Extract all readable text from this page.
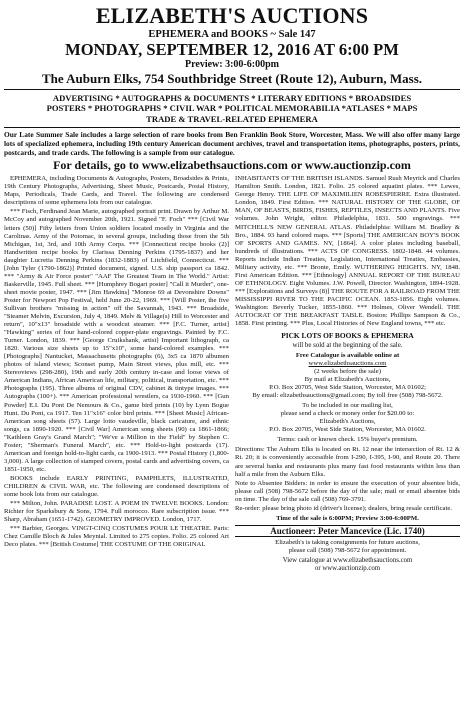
ELIZABETH'S AUCTIONS
EPHEMERA and BOOKS ~ Sale 147
MONDAY, SEPTEMBER 12, 2016 AT 6:00 PM
Preview: 3:00-6:00pm
The Auburn Elks, 754 Southbridge Street (Route 12), Auburn, Mass.
ADVERTISING * AUTOGRAPHS & DOCUMENTS * LITERARY EDITIONS * BROADSIDES
POSTERS * PHOTOGRAPHS * CIVIL WAR * POLITICAL MEMORABILIA *ATLASES * MAPS
TRADE & TRAVEL-RELATED EPHEMERA
Our Late Summer Sale includes a large selection of rare books from Ben Franklin Book Store, Worcester, Mass. We will also offer many large lots of specialized ephemera, including 19th century American document archives, travel and transportation items, photographs, posters, prints, postcards, and trade cards. The following is a sample from our catalogue.
For details, go to www.elizabethsauctions.com or www.auctionzip.com

EPHEMERA, including Documents & Autographs, Posters, Broadsides & Prints, 19th Century Photographs, Advertising, Sheet Music, Postcards, Postal History, Maps, Periodicals, Trade Cards, and Travel. The following are condensed descriptions of some ephemera lots from our catalogue.

*** Fisch, Ferdinand Jean Marie, autographed portrait print. Drawn by Arthur M. McCoy and autographed November 20th, 1921. Signed "F. Foch" *** [Civil War letters (50)] Fifty letters from Union soldiers located mostly in Virginia and the Carolinas. Army of the Potomac, in several groups, including those from the 5th Michigan, 1st, 3rd, and 10th Army Corps. *** [Connecticut recipe books (2)] Handwritten recipe books by Clarissa Denning Perkins (1795-1837) and her daughter Lucretia Denning Perkins (1832-1883) of Litchfield, Connecticut. *** [John Tyler (1790-1862)] Printed document, signed. U.S. ship passport ca 1842. *** "Army & Air Force poster" "AAF The Greatest Team in The World." Artist: Baskerville, 1945. Full sheet. *** [Humphrey Bogart poster] "Call it Murder", one-sheet movie poster, 1947. *** [Jim Hawkins] "Monroe 69 at Devonshire Downs" Poster for Newport Pop Festival, held June 20-22, 1969. *** [Will Poster, the five Sullivan brothers "missing in action" off the Savannah, 1943. *** Broadside, "Steamer Melvin, Excursion, July 4, 1849. Melv & Village(s) Hill to Worcester and return", 10"x13" broadside with a woodcut steamer. *** [F.C. Turner, artist] "Hawking" series of four hand-colored copper-plate engravings. Painted by F.C. Turner. London, 1839. *** [George Cruikshank, artist] Important lithograph, ca 1820. Various size sheets up to 15"x10", some hand-colored examples. *** [Photographs] Nantucket, Massachusetts photographs (6), 3x5 ca 1870 albumen photos of island views; Sconset pump, Main Street views, plus mill, etc. *** Stereoviews (298-280), 19th and early 20th century in-case and loose views of American Indians, African American life, military, political, transportation, etc. *** Photographs (195). Three albums of original CDV, cabinet & tintype images. *** Autographs (100+). *** American professional wrestlers, ca 1930-1960. *** [Gun Powder] E.I. Du Pont De Nemours & Co., game bird prints (10) by Lynn Bogue Hunt. Du Pont, ca 1917. Ten 11"x16" color bird prints. *** [Sheet Music] African-American song sheets (57). Large lotto vaudeville, black caricature, and ethnic songs, ca 1890-1920. *** [Civil War] American song sheets (90) ca 1861-1866; "Kathleen Gray's Grand March"; "We've a Million in the Field" by Stephen C. Foster; "Sherman's Funeral March", etc. *** Hold-to-light postcards (17). American and foreign hold-to-light cards, ca 1900-1913. *** Postal History (1,800-3,000). A large collection of stamped covers, postal cards and advertising covers, ca 1851-1950, etc.

BOOKS include EARLY PRINTING, PAMPHLETS, ILLUSTRATED, CHILDREN & CIVIL WAR, etc. The following are condensed descriptions of some book lots from our catalogue.

*** Milton, John. PARADISE LOST. A POEM IN TWELVE BOOKS. London: Richter for Sparksbury & Sons, 1794. Full morocco. Rare subscription issue. *** Sharp, Abraham (1651-1742). GEOMETRY IMPROVED. London, 1717.

*** Barbier, Georges. VINGT-CINQ COSTUMES POUR LE THEATRE. Paris: Chez Camille Bloch & Jules Meynial. Limited to 275 copies. Folio. 25 colored Art Deco plates. *** [British Costume] THE COSTUME OF THE ORIGINAL

INHABITANTS OF THE BRITISH ISLANDS. Samuel Rush Meyrick and Charles Hamilton Smith. London, 1821. Folio. 25 colored aquatint plates. *** Lewes, George Henry. THE LIFE OF MAXIMILIEN ROBESPIERRE. Extra illustrated. London, 1849. First Edition. *** NATURAL HISTORY OF THE GLOBE, OF MAN, OF BEASTS, BIRDS, FISHES, REPTILES, INSECTS AND PLANTS. Five volumes. John Wright, editor. Philadelphia, 1831. 500 engravings. *** MITCHELL'S NEW GENERAL ATLAS. Philadelphia: William M. Bradley & Bro., 1884. 93 hand colored maps. *** [Sports] THE AMERICAN BOY'S BOOK OF SPORTS AND GAMES. NY, [1864]. A color plates including baseball, hundreds of illustrations. *** ACTS OF CONGRESS. 1802-1848. 44 volumes. Reports include Indian Treaties, Legislation, International Treaties, Embassies, Military activity, etc. *** Bronte, Emily. WUTHERING HEIGHTS. NY, 1848. First American Edition. *** [Ethnology] ANNUAL REPORT OF THE BUREAU OF ETHNOLOGY. Eight Volumes. J.W. Powell, Director. Washington, 1894-1928. *** [Explorations and Surveys (8)] THE ROUTE FOR A RAILROAD FROM THE MISSISSIPPI RIVER TO THE PACIFIC OCEAN. 1853-1856. Eight volumes. Washington: Beverly Tucker, 1855-1860. *** Holmes, Oliver Wendell. THE AUTOCRAT OF THE BREAKFAST TABLE. Boston: Phillips Sampson & Co., 1858. First printing. *** Plus, Local Histories of New England towns, *** etc.

PICK LOTS OF BOOKS & EPHEMERA
will be sold at the beginning of the sale.
Free Catalogue is available online at
www.elizabethsauctions.com
(2 weeks before the sale)
By mail at Elizabeth's Auctions,
P.O. Box 20705, West Side Station, Worcester, MA 01602;
By email: elizabethsauctions@gmail.com; By toll free (508) 798-5672.
To be included in our mailing list,
please send a check or money order for $20.00 to:
Elizabeth's Auctions,
P.O. Box 20705, West Side Station, Worcester, MA 01602.
Terms: cash or known check. 15% buyer's premium.

Directions: The Auburn Elks is located on Rt. 12 near the intersection of Rt. 12 & Rt. 20; it is conveniently accessible from I-290, I-395, I-90, and Route 20. There are several banks and restaurants plus many fast food restaurants within less than half a mile from the Auburn Elks.

Note to Absentee Bidders: in order to ensure the execution of your absentee bids, please call (508) 798-5672 before the day of the sale; mail or email absentee bids on time. The day of the sale call (508) 769-3791.

Re-order: please bring photo id (driver's license); dealers, bring resale certificate.

Time of the sale is 6:00PM; Preview 3:00-6:00PM.
Auctioneer: Peter Mancevice (Lic. 1740)
Elizabeth's is taking consignments for future auctions,
please call (508) 798-5672 for appointment.
View catalogue at www.elizabethsauctions.com
or www.auctionzip.com
